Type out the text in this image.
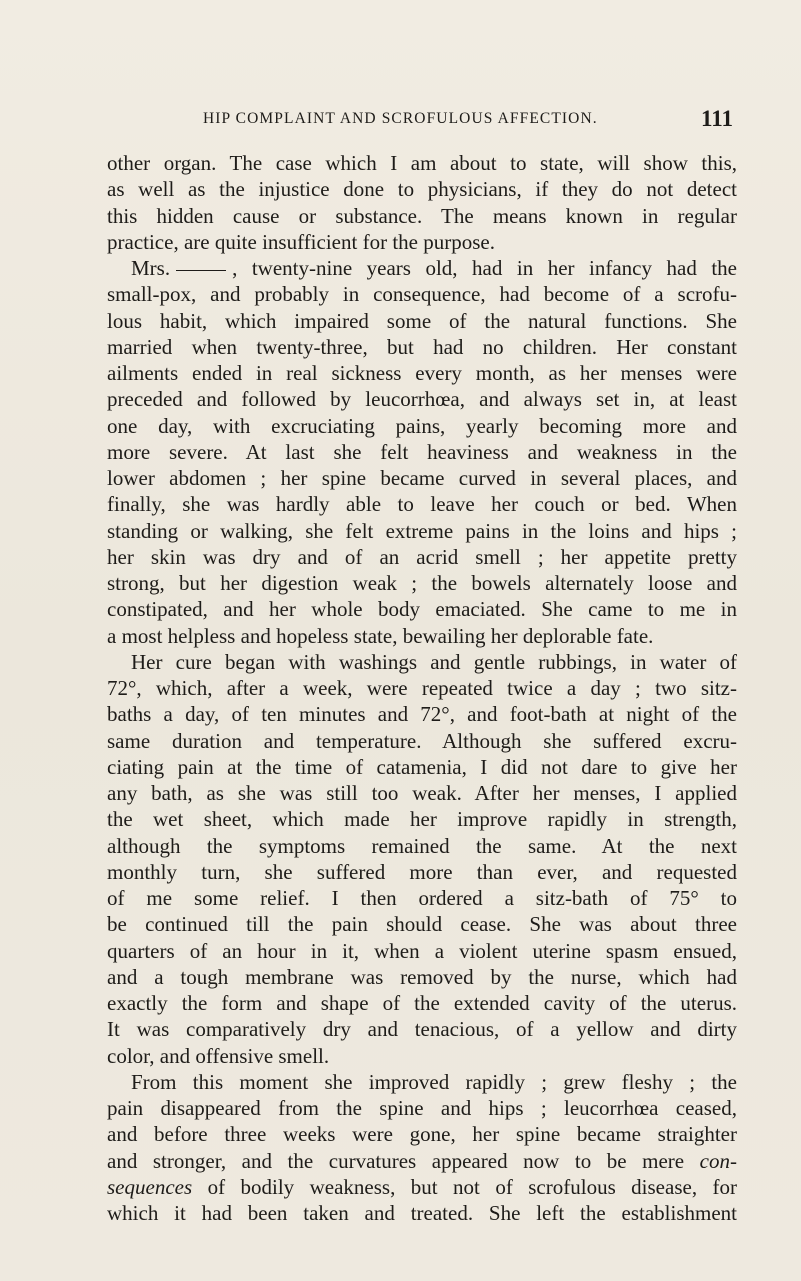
HIP COMPLAINT AND SCROFULOUS AFFECTION.	111
other organ. The case which I am about to state, will show this,
as well as the injustice done to physicians, if they do not detect
this hidden cause or substance. The means known in regular
practice, are quite insufficient for the purpose.
Mrs.	, twenty-nine years old, had in her infancy had the
small-pox, and probably in consequence, had become of a scrofu-
lous habit, which impaired some of the natural functions. She
married when twenty-three, but had no children. Her constant
ailments ended in real sickness every month, as her menses were
preceded and followed by leucorrhœa, and always set in, at least
one day, with excruciating pains, yearly becoming more and
more severe. At last she felt heaviness and weakness in the
lower abdomen ; her spine became curved in several places, and
finally, she was hardly able to leave her couch or bed. When
standing or walking, she felt extreme pains in the loins and hips ;
her skin was dry and of an acrid smell ; her appetite pretty
strong, but her digestion weak ; the bowels alternately loose and
constipated, and her whole body emaciated. She came to me in
a most helpless and hopeless state, bewailing her deplorable fate.
Her cure began with washings and gentle rubbings, in water of
72°, which, after a week, were repeated twice a day ; two sitz-
baths a day, of ten minutes and 72°, and foot-bath at night of the
same duration and temperature. Although she suffered excru-
ciating pain at the time of catamenia, I did not dare to give her
any bath, as she was still too weak. After her menses, I applied
the wet sheet, which made her improve rapidly in strength,
although the symptoms remained the same. At the next
monthly turn, she suffered more than ever, and requested
of me some relief. I then ordered a sitz-bath of 75° to
be continued till the pain should cease. She was about three
quarters of an hour in it, when a violent uterine spasm ensued,
and a tough membrane was removed by the nurse, which had
exactly the form and shape of the extended cavity of the uterus.
It was comparatively dry and tenacious, of a yellow and dirty
color, and offensive smell.
From this moment she improved rapidly ; grew fleshy ; the
pain disappeared from the spine and hips ; leucorrhœa ceased,
and before three weeks were gone, her spine became straighter
and stronger, and the curvatures appeared now to be mere con-
sequences of bodily weakness, but not of scrofulous disease, for
which it had been taken and treated. She left the establishment
